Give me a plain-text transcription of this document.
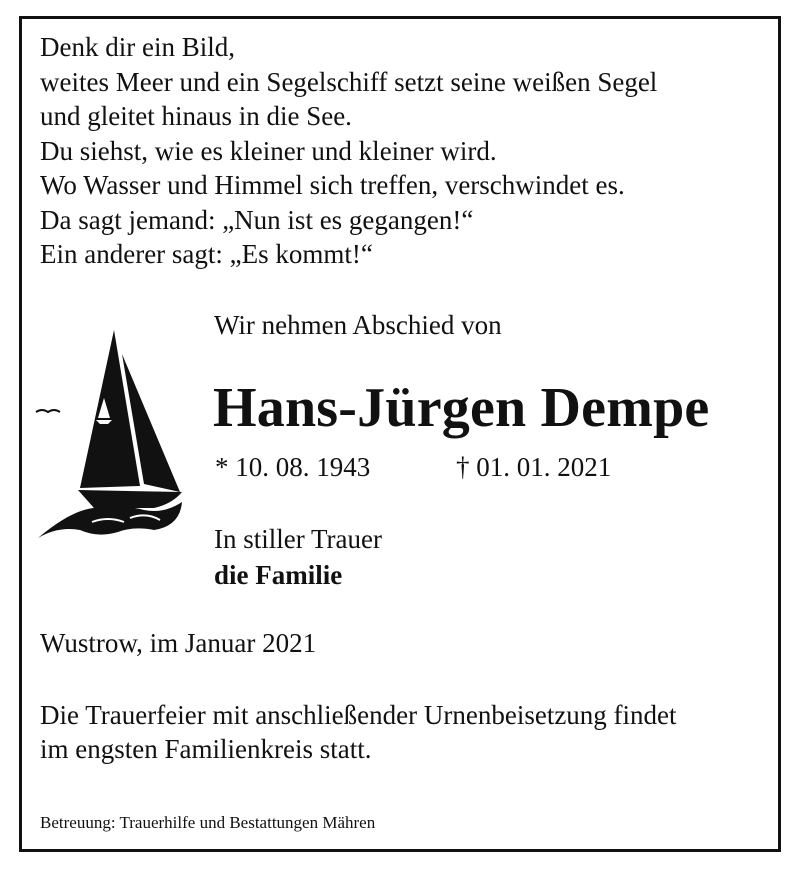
Denk dir ein Bild,
weites Meer und ein Segelschiff setzt seine weißen Segel
und gleitet hinaus in die See.
Du siehst, wie es kleiner und kleiner wird.
Wo Wasser und Himmel sich treffen, verschwindet es.
Da sagt jemand: „Nun ist es gegangen!“
Ein anderer sagt: „Es kommt!“
Wir nehmen Abschied von
Hans-Jürgen Dempe
* 10. 08. 1943	† 01. 01. 2021
In stiller Trauer
die Familie
Wustrow, im Januar 2021
Die Trauerfeier mit anschließender Urnenbeisetzung findet
im engsten Familienkreis statt.
Betreuung: Trauerhilfe und Bestattungen Mähren
